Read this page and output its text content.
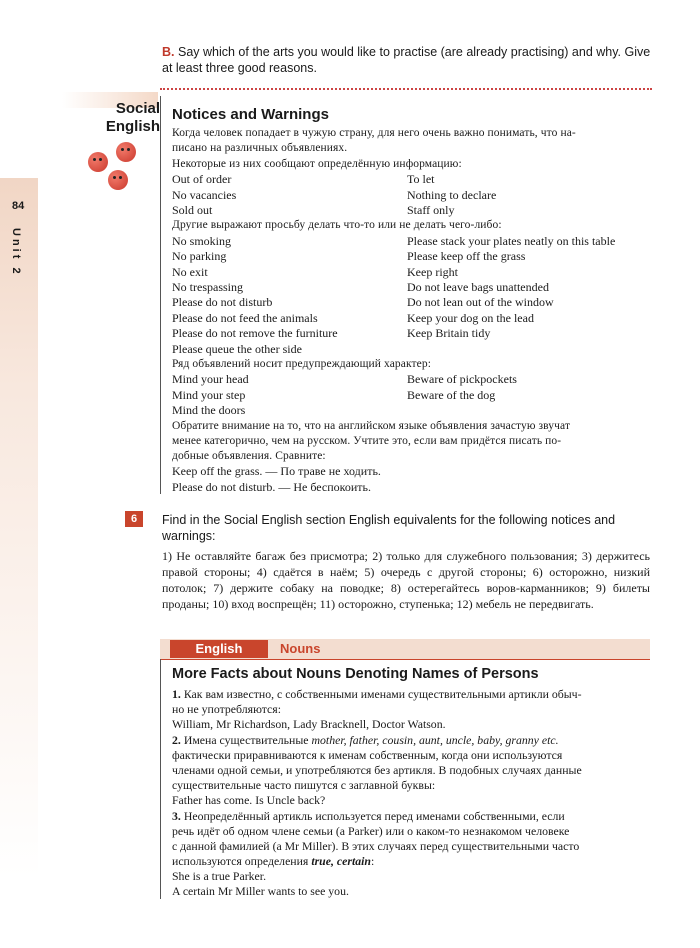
B. Say which of the arts you would like to practise (are already practising) and why. Give at least three good reasons.
Social
English
84
Unit 2
Notices and Warnings
Когда человек попадает в чужую страну, для него очень важно понимать, что на-
писано на различных объявлениях.
Некоторые из них сообщают определённую информацию:
Out of order
No vacancies
Sold out
To let
Nothing to declare
Staff only
Другие выражают просьбу делать что-то или не делать чего-либо:
No smoking
No parking
No exit
No trespassing
Please do not disturb
Please do not feed the animals
Please do not remove the furniture
Please queue the other side
Please stack your plates neatly on this table
Please keep off the grass
Keep right
Do not leave bags unattended
Do not lean out of the window
Keep your dog on the lead
Keep Britain tidy
Ряд объявлений носит предупреждающий характер:
Mind your head
Mind your step
Mind the doors
Beware of pickpockets
Beware of the dog
Обратите внимание на то, что на английском языке объявления зачастую звучат
менее категорично, чем на русском. Учтите это, если вам придётся писать по-
добные объявления. Сравните:
Keep off the grass. — По траве не ходить.
Please do not disturb. — Не беспокоить.
6	Find in the Social English section English equivalents for the following notices and warnings:
1) Не оставляйте багаж без присмотра; 2) только для служебного пользования; 3) держитесь правой стороны; 4) сдаётся в наём; 5) очередь с другой стороны; 6) осторожно, низкий потолок; 7) держите собаку на поводке; 8) остерегайтесь воров-карманников; 9) билеты проданы; 10) вход воспрещён; 11) осторожно, ступенька; 12) мебель не передвигать.
English	Nouns
More Facts about Nouns Denoting Names of Persons
1. Как вам известно, с собственными именами существительными артикли обыч-
но не употребляются:
William, Mr Richardson, Lady Bracknell, Doctor Watson.
2. Имена существительные mother, father, cousin, aunt, uncle, baby, granny etc.
фактически приравниваются к именам собственным, когда они используются
членами одной семьи, и употребляются без артикля. В подобных случаях данные
существительные часто пишутся с заглавной буквы:
Father has come. Is Uncle back?
3. Неопределённый артикль используется перед именами собственными, если
речь идёт об одном члене семьи (а Parker) или о каком-то незнакомом человеке
с данной фамилией (a Mr Miller). В этих случаях перед существительными часто
используются определения true, certain:
She is a true Parker.
A certain Mr Miller wants to see you.
